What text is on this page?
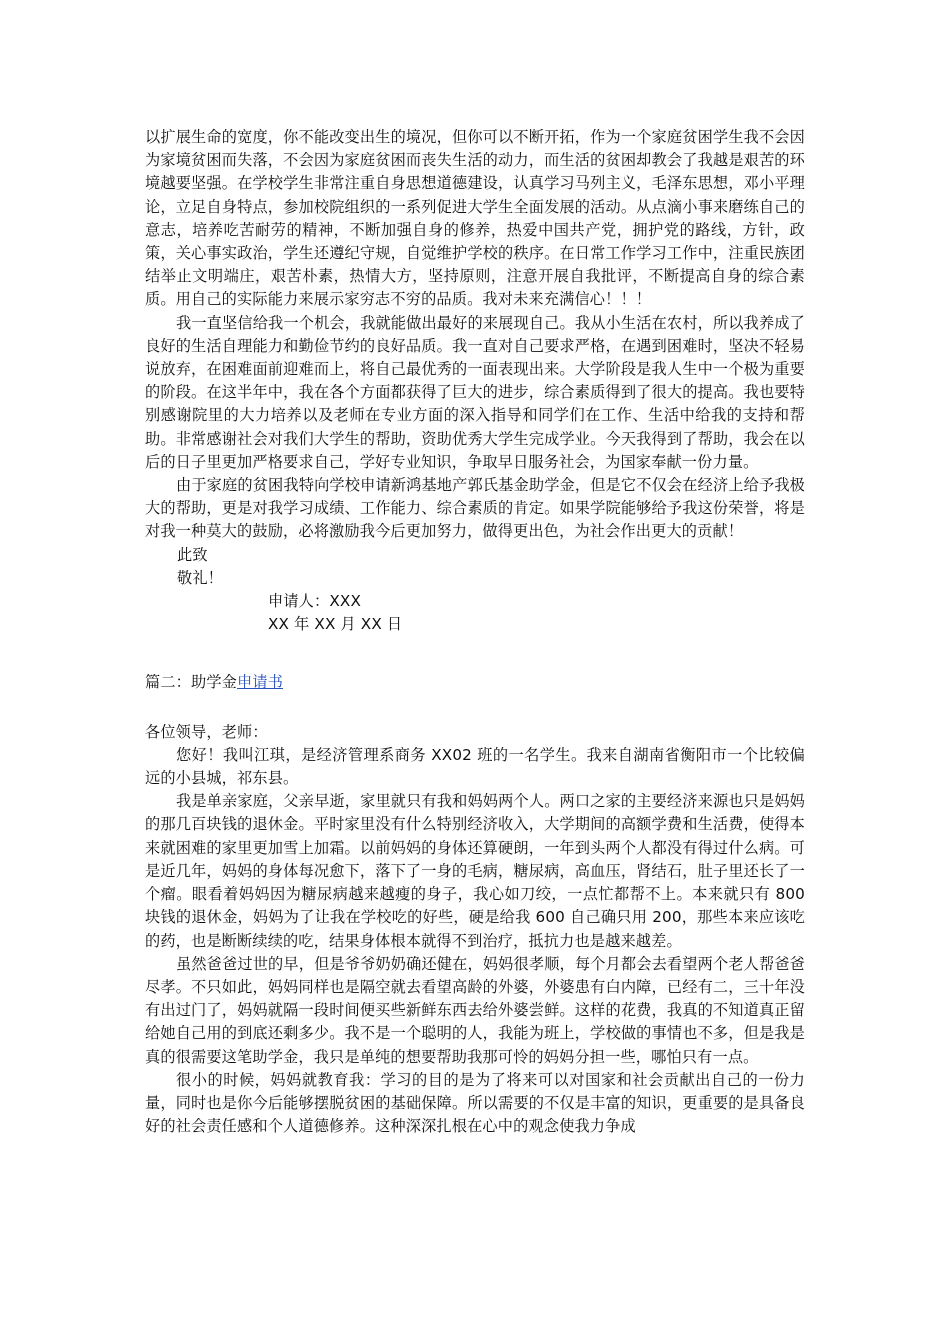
以扩展生命的宽度，你不能改变出生的境况，但你可以不断开拓，作为一个家庭贫困学生我不会因为家境贫困而失落，不会因为家庭贫困而丧失生活的动力，而生活的贫困却教会了我越是艰苦的环境越要坚强。在学校学生非常注重自身思想道德建设，认真学习马列主义，毛泽东思想，邓小平理论，立足自身特点，参加校院组织的一系列促进大学生全面发展的活动。从点滴小事来磨练自己的意志，培养吃苦耐劳的精神，不断加强自身的修养，热爱中国共产党，拥护党的路线，方针，政策，关心事实政治，学生还遵纪守规，自觉维护学校的秩序。在日常工作学习工作中，注重民族团结举止文明端庄，艰苦朴素，热情大方，坚持原则，注意开展自我批评，不断提高自身的综合素质。用自己的实际能力来展示家穷志不穷的品质。我对未来充满信心！！！

我一直坚信给我一个机会，我就能做出最好的来展现自己。我从小生活在农村，所以我养成了良好的生活自理能力和勤俭节约的良好品质。我一直对自己要求严格，在遇到困难时，坚决不轻易说放弃，在困难面前迎难而上，将自己最优秀的一面表现出来。大学阶段是我人生中一个极为重要的阶段。在这半年中，我在各个方面都获得了巨大的进步，综合素质得到了很大的提高。我也要特别感谢院里的大力培养以及老师在专业方面的深入指导和同学们在工作、生活中给我的支持和帮助。非常感谢社会对我们大学生的帮助，资助优秀大学生完成学业。今天我得到了帮助，我会在以后的日子里更加严格要求自己，学好专业知识，争取早日服务社会，为国家奉献一份力量。

由于家庭的贫困我特向学校申请新鸿基地产郭氏基金助学金，但是它不仅会在经济上给予我极大的帮助，更是对我学习成绩、工作能力、综合素质的肯定。如果学院能够给予我这份荣誉，将是对我一种莫大的鼓励，必将激励我今后更加努力，做得更出色，为社会作出更大的贡献！

此致

敬礼！

申请人：XXX

XX 年 XX 月 XX 日

篇二：助学金申请书

各位领导，老师：

您好！我叫江琪，是经济管理系商务 XX02 班的一名学生。我来自湖南省衡阳市一个比较偏远的小县城，祁东县。

我是单亲家庭，父亲早逝，家里就只有我和妈妈两个人。两口之家的主要经济来源也只是妈妈的那几百块钱的退休金。平时家里没有什么特别经济收入，大学期间的高额学费和生活费，使得本来就困难的家里更加雪上加霜。以前妈妈的身体还算硬朗，一年到头两个人都没有得过什么病。可是近几年，妈妈的身体每况愈下，落下了一身的毛病，糖尿病，高血压，肾结石，肚子里还长了一个瘤。眼看着妈妈因为糖尿病越来越瘦的身子，我心如刀绞，一点忙都帮不上。本来就只有 800 块钱的退休金，妈妈为了让我在学校吃的好些，硬是给我 600 自己确只用 200，那些本来应该吃的药，也是断断续续的吃，结果身体根本就得不到治疗，抵抗力也是越来越差。

虽然爸爸过世的早，但是爷爷奶奶确还健在，妈妈很孝顺，每个月都会去看望两个老人帮爸爸尽孝。不只如此，妈妈同样也是隔空就去看望高龄的外婆，外婆患有白内障，已经有二，三十年没有出过门了，妈妈就隔一段时间便买些新鲜东西去给外婆尝鲜。这样的花费，我真的不知道真正留给她自己用的到底还剩多少。我不是一个聪明的人，我能为班上，学校做的事情也不多，但是我是真的很需要这笔助学金，我只是单纯的想要帮助我那可怜的妈妈分担一些，哪怕只有一点。

很小的时候，妈妈就教育我：学习的目的是为了将来可以对国家和社会贡献出自己的一份力量，同时也是你今后能够摆脱贫困的基础保障。所以需要的不仅是丰富的知识，更重要的是具备良好的社会责任感和个人道德修养。这种深深扎根在心中的观念使我力争成
